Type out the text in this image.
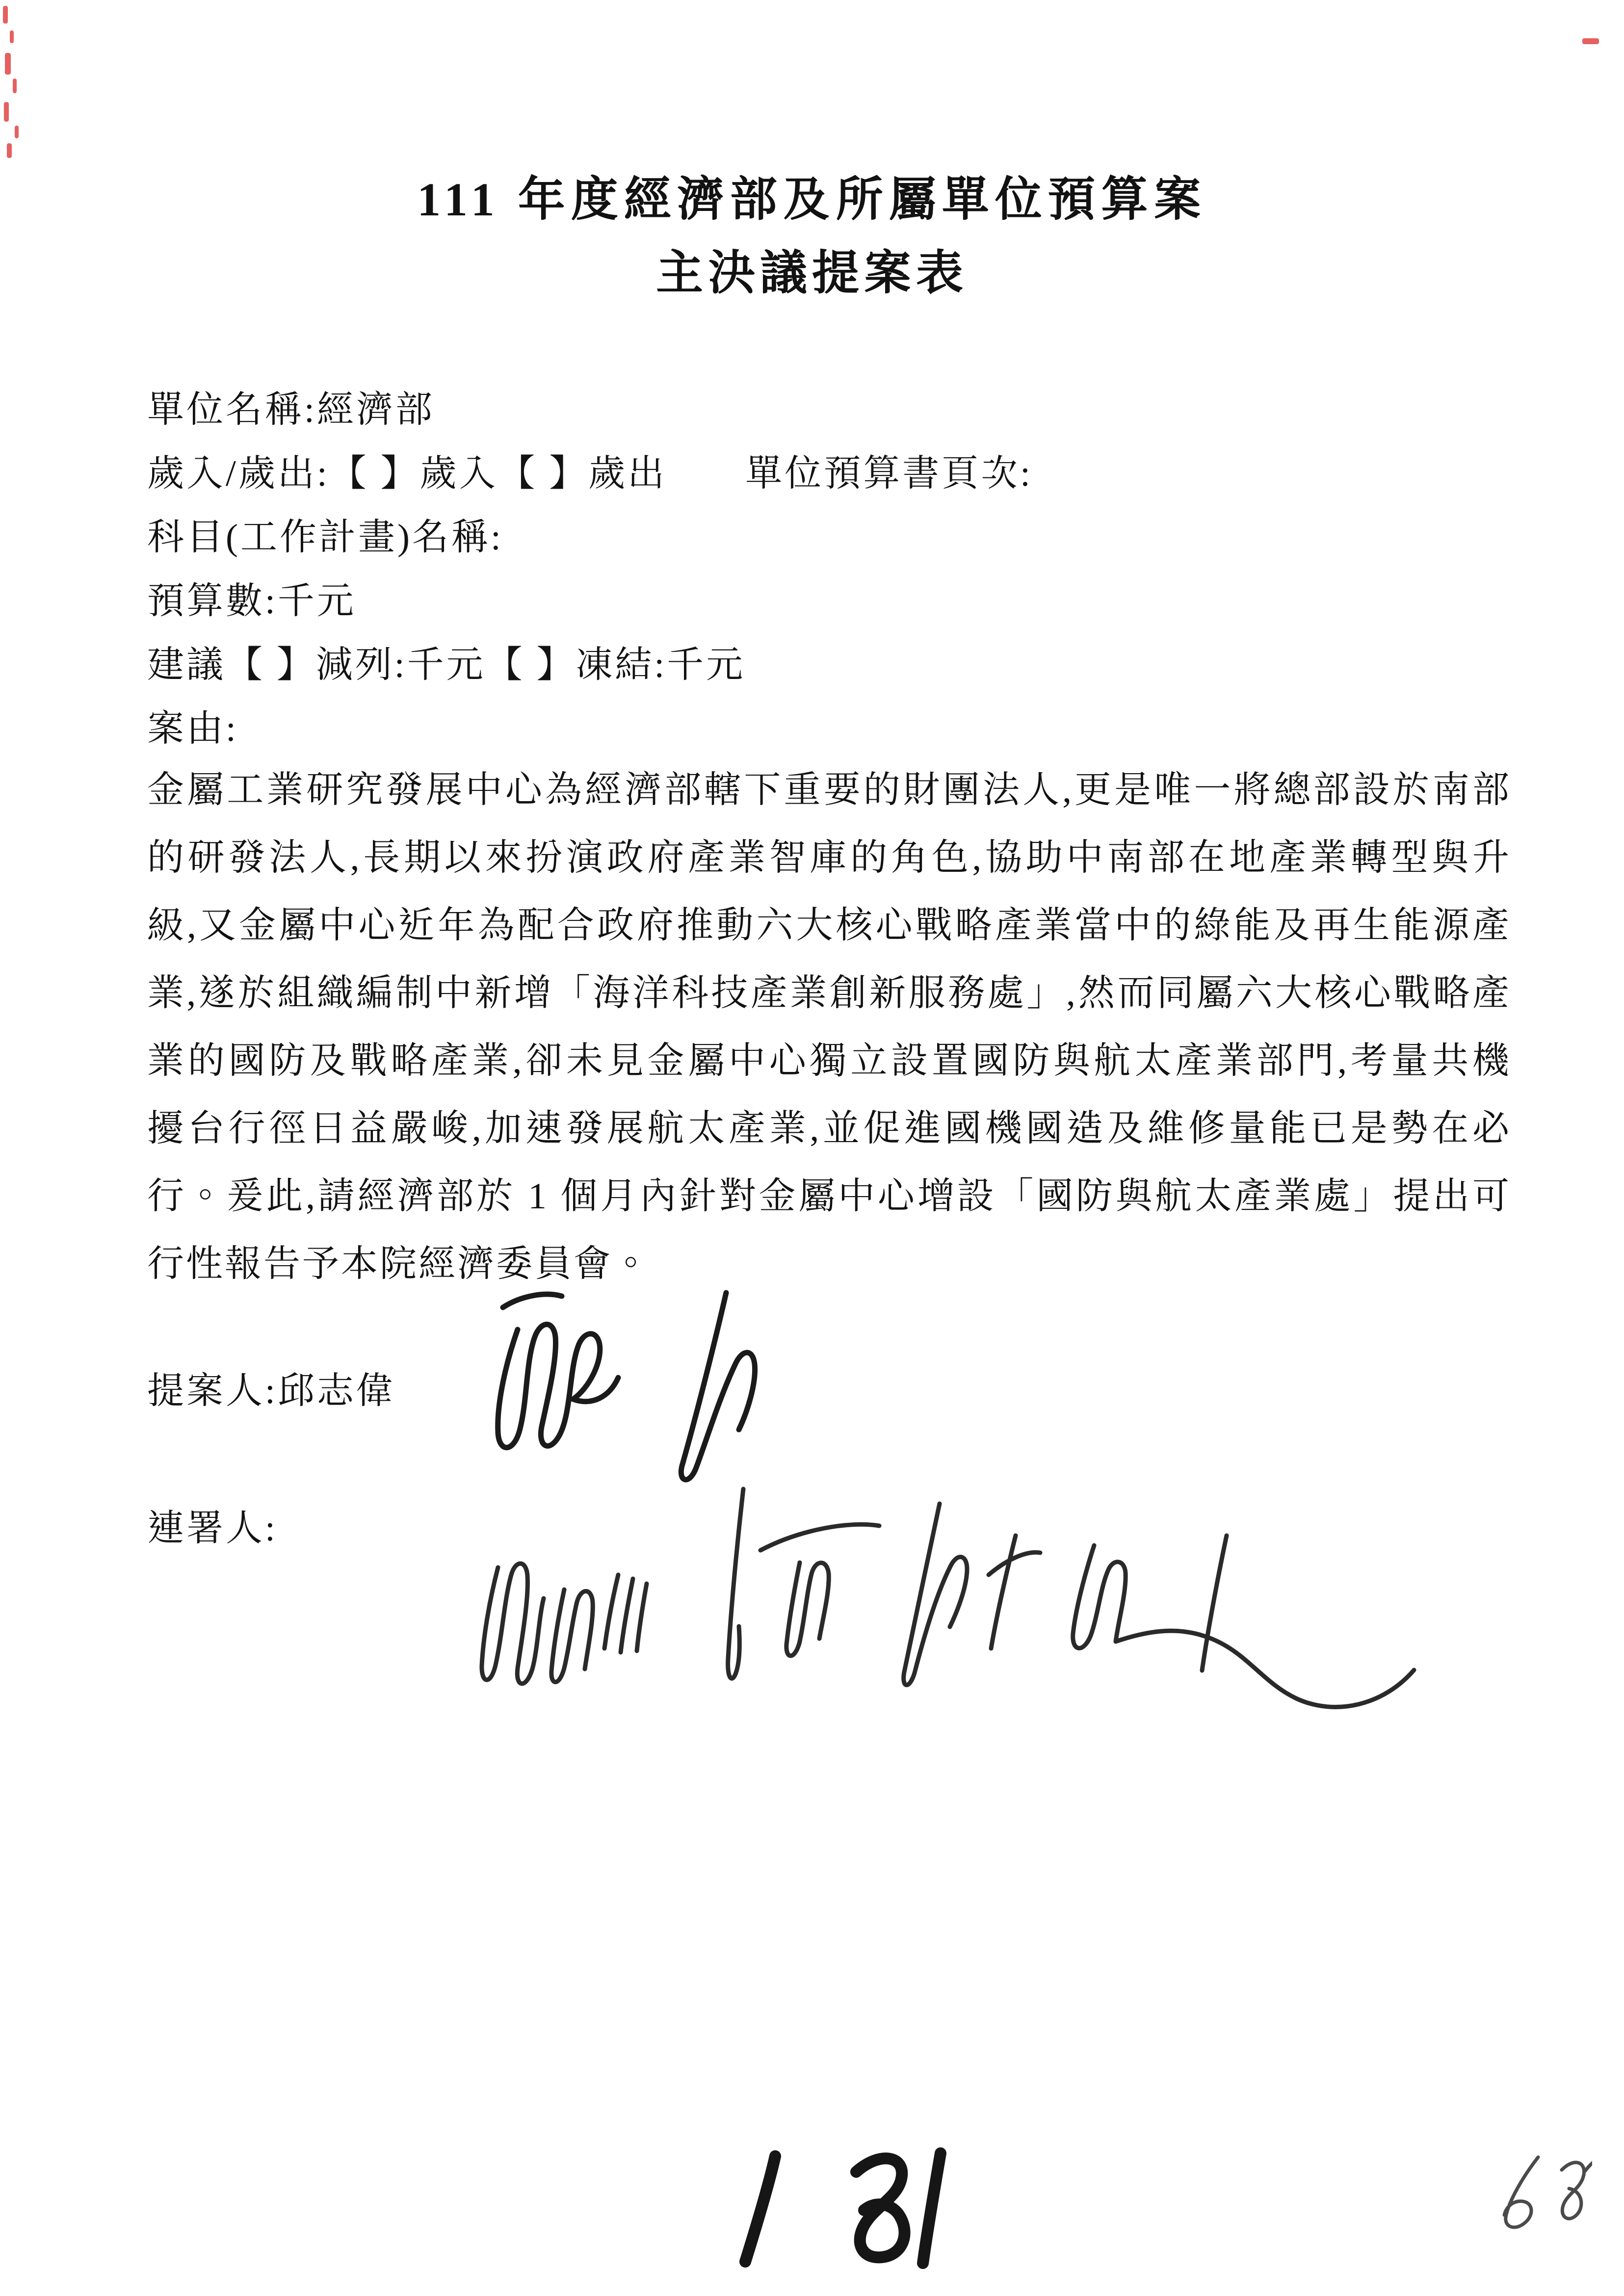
111 年度經濟部及所屬單位預算案
主決議提案表
單位名稱:經濟部
歲入/歲出:【 】歲入【 】歲出　　單位預算書頁次:
科目(工作計畫)名稱:
預算數:千元
建議【 】減列:千元【 】凍結:千元
案由:
金屬工業研究發展中心為經濟部轄下重要的財團法人,更是唯一將總部設於南部
的研發法人,長期以來扮演政府產業智庫的角色,協助中南部在地產業轉型與升
級,又金屬中心近年為配合政府推動六大核心戰略產業當中的綠能及再生能源產
業,遂於組織編制中新增「海洋科技產業創新服務處」,然而同屬六大核心戰略產
業的國防及戰略產業,卻未見金屬中心獨立設置國防與航太產業部門,考量共機
擾台行徑日益嚴峻,加速發展航太產業,並促進國機國造及維修量能已是勢在必
行。爰此,請經濟部於 1 個月內針對金屬中心增設「國防與航太產業處」提出可
行性報告予本院經濟委員會。
提案人:邱志偉
連署人:
